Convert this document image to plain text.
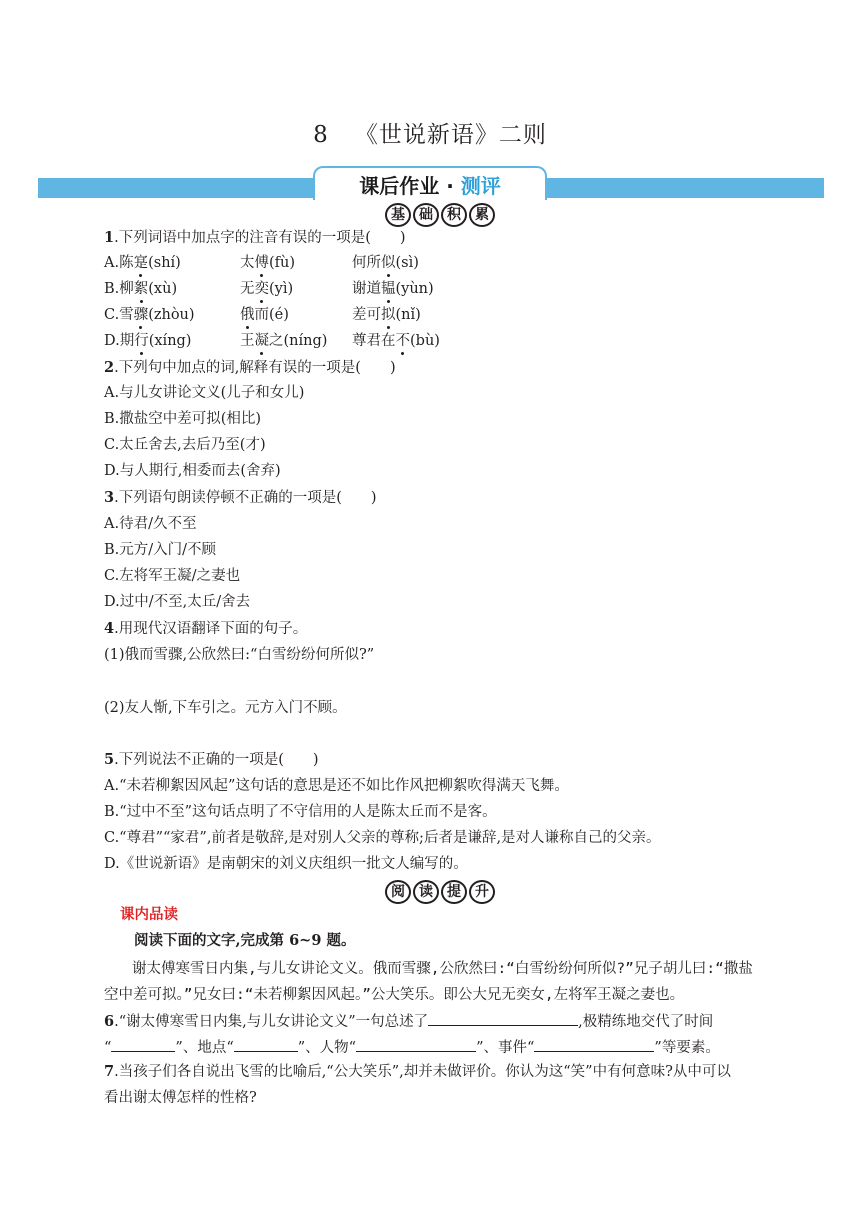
8 《世说新语》二则
课后作业 · 测评
基	础	积	累
1.下列词语中加点字的注音有误的一项是(　　)
A.陈寔(shí)	太傅(fù)	何所似(sì)
B.柳絮(xù)	无奕(yì)	谢道韫(yùn)
C.雪骤(zhòu)	俄而(é)	差可拟(nǐ)
D.期行(xíng)	王凝之(níng) 尊君在不(bù)
2.下列句中加点的词,解释有误的一项是(　　)
A.与儿女讲论文义(儿子和女儿)
B.撒盐空中差可拟(相比)
C.太丘舍去,去后乃至(才)
D.与人期行,相委而去(舍弃)
3.下列语句朗读停顿不正确的一项是(　　)
A.待君/久不至
B.元方/入门/不顾
C.左将军王凝/之妻也
D.过中/不至,太丘/舍去
4.用现代汉语翻译下面的句子。
(1)俄而雪骤,公欣然曰:“白雪纷纷何所似?”
(2)友人惭,下车引之。元方入门不顾。
5.下列说法不正确的一项是(　　)
A.“未若柳絮因风起”这句话的意思是还不如比作风把柳絮吹得满天飞舞。
B.“过中不至”这句话点明了不守信用的人是陈太丘而不是客。
C.“尊君”“家君”,前者是敬辞,是对别人父亲的尊称;后者是谦辞,是对人谦称自己的父亲。
D.《世说新语》是南朝宋的刘义庆组织一批文人编写的。
阅	读	提	升
课内品读
阅读下面的文字,完成第 6~9 题。
谢太傅寒雪日内集,与儿女讲论文义。俄而雪骤,公欣然曰:“白雪纷纷何所似?”兄子胡儿曰:“撒盐空中差可拟。”兄女曰:“未若柳絮因风起。”公大笑乐。即公大兄无奕女,左将军王凝之妻也。
6.“谢太傅寒雪日内集,与儿女讲论文义”一句总述了	,极精练地交代了时间
“	”、地点“	”、人物“	”、事件“	”等要素。
7.当孩子们各自说出飞雪的比喻后,“公大笑乐”,却并未做评价。你认为这“笑”中有何意味?从中可以
看出谢太傅怎样的性格?
